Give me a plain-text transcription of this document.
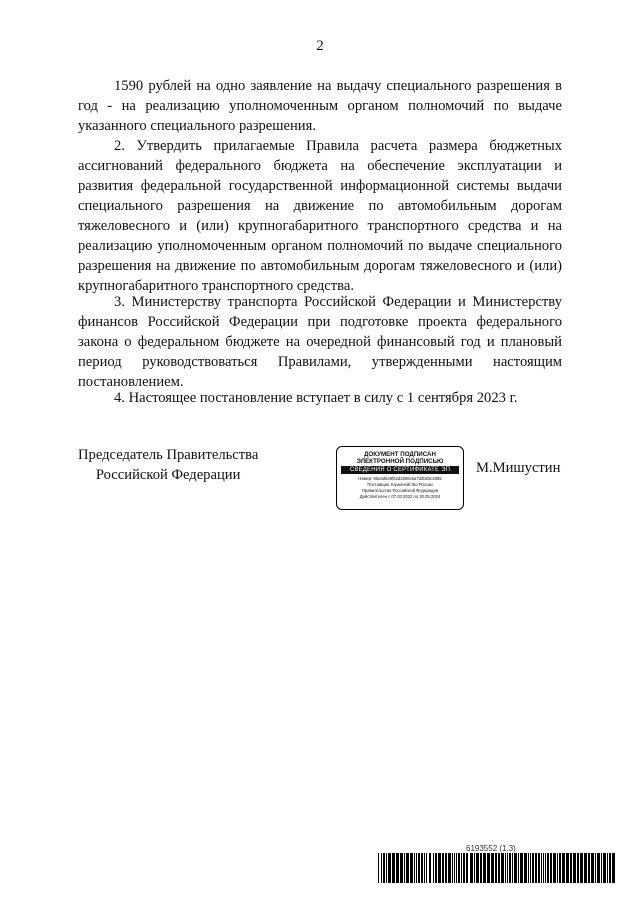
2
1590 рублей на одно заявление на выдачу специального разрешения в год - на реализацию уполномоченным органом полномочий по выдаче указанного специального разрешения.
2. Утвердить прилагаемые Правила расчета размера бюджетных ассигнований федерального бюджета на обеспечение эксплуатации и развития федеральной государственной информационной системы выдачи специального разрешения на движение по автомобильным дорогам тяжеловесного и (или) крупногабаритного транспортного средства и на реализацию уполномоченным органом полномочий по выдаче специального разрешения на движение по автомобильным дорогам тяжеловесного и (или) крупногабаритного транспортного средства.
3. Министерству транспорта Российской Федерации и Министерству финансов Российской Федерации при подготовке проекта федерального закона о федеральном бюджете на очередной финансовый год и плановый период руководствоваться Правилами, утвержденными настоящим постановлением.
4. Настоящее постановление вступает в силу с 1 сентября 2023 г.
Председатель Правительства
Российской Федерации
ДОКУМЕНТ ПОДПИСАН
ЭЛЕКТРОННОЙ ПОДПИСЬЮ
СВЕДЕНИЯ О СЕРТИФИКАТЕ ЭП
Номер: 00a4d5e8f62d2b98c6a7d2bb0c2085
Поставщик: Казначейство России
Правительство Российской Федерации
Действителен с 07.03.2022 по 30.05.2024
М.Мишустин
6193552 (1.3)
